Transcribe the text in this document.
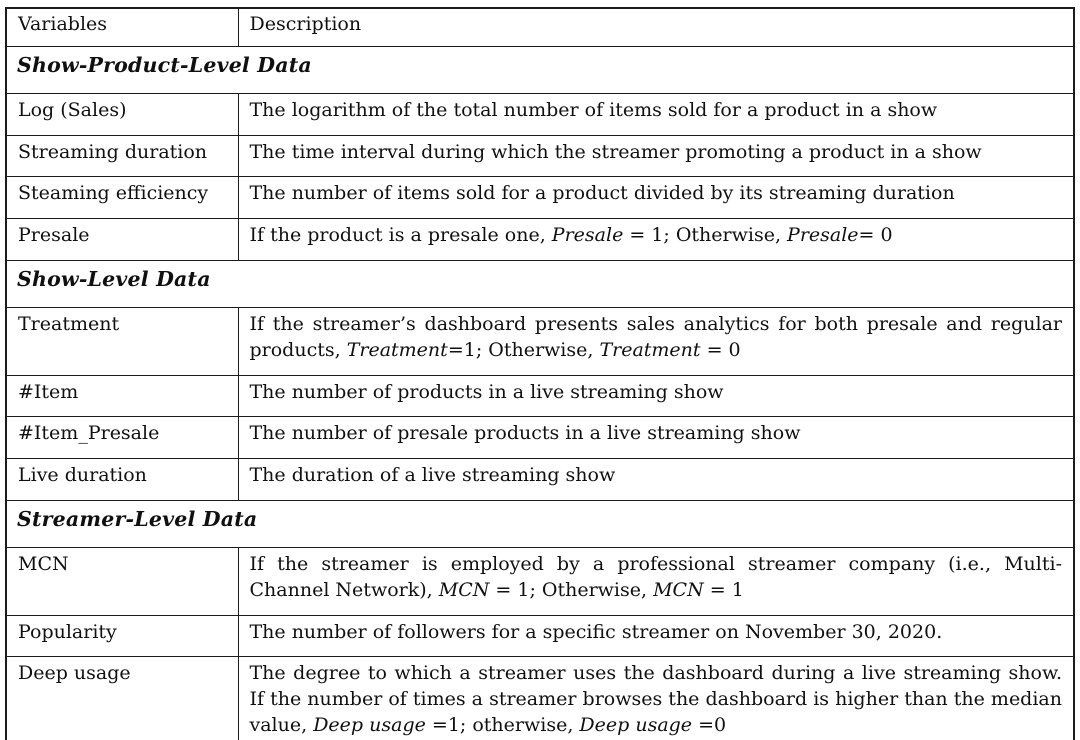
Variables	Description
Show-Product-Level Data	
Log (Sales)	The logarithm of the total number of items sold for a product in a show
Streaming duration	The time interval during which the streamer promoting a product in a show
Steaming efficiency	The number of items sold for a product divided by its streaming duration
Presale	If the product is a presale one, Presale = 1; Otherwise, Presale= 0
Show-Level Data	
Treatment	If the streamer’s dashboard presents sales analytics for both presale and regular products, Treatment=1; Otherwise, Treatment = 0
#Item	The number of products in a live streaming show
#Item_Presale	The number of presale products in a live streaming show
Live duration	The duration of a live streaming show
Streamer-Level Data	
MCN	If the streamer is employed by a professional streamer company (i.e., Multi-Channel Network), MCN = 1; Otherwise, MCN = 1
Popularity	The number of followers for a specific streamer on November 30, 2020.
Deep usage	The degree to which a streamer uses the dashboard during a live streaming show. If the number of times a streamer browses the dashboard is higher than the median value, Deep usage =1; otherwise, Deep usage =0
